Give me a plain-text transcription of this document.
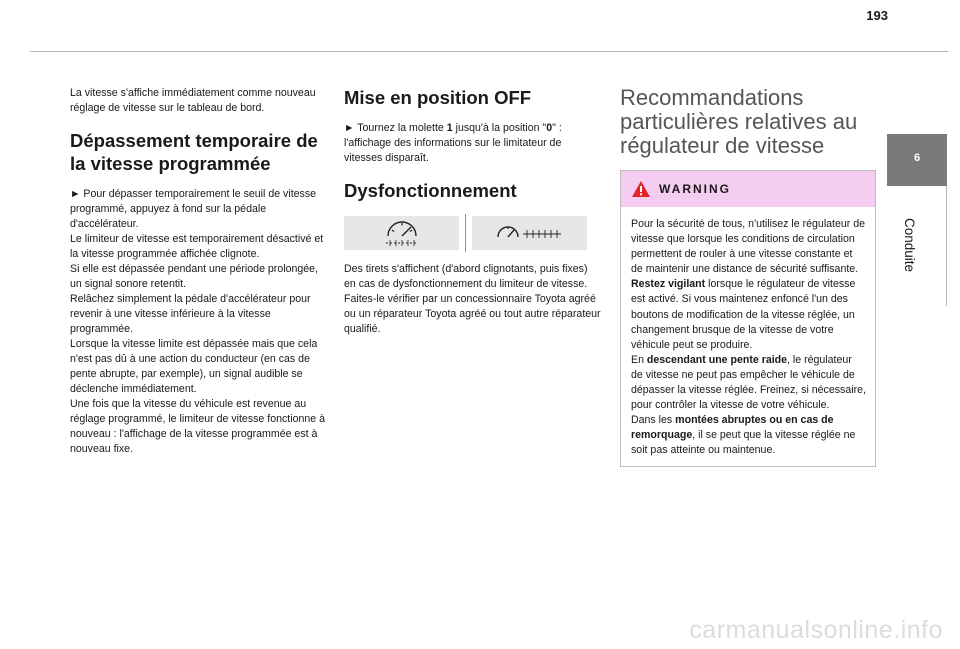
193
6
Conduite

La vitesse s'affiche immédiatement comme nouveau réglage de vitesse sur le tableau de bord.

Dépassement temporaire de la vitesse programmée

► Pour dépasser temporairement le seuil de vitesse programmé, appuyez à fond sur la pédale d'accélérateur.

Le limiteur de vitesse est temporairement désactivé et la vitesse programmée affichée clignote.

Si elle est dépassée pendant une période prolongée, un signal sonore retentit.

Relâchez simplement la pédale d'accélérateur pour revenir à une vitesse inférieure à la vitesse programmée.

Lorsque la vitesse limite est dépassée mais que cela n'est pas dû à une action du conducteur (en cas de pente abrupte, par exemple), un signal audible se déclenche immédiatement.

Une fois que la vitesse du véhicule est revenue au réglage programmé, le limiteur de vitesse fonctionne à nouveau : l'affichage de la vitesse programmée est à nouveau fixe.

Mise en position OFF

► Tournez la molette 1 jusqu'à la position "0" : l'affichage des informations sur le limitateur de vitesses disparaît.

Dysfonctionnement

Des tirets s'affichent (d'abord clignotants, puis fixes) en cas de dysfonctionnement du limiteur de vitesse.

Faites-le vérifier par un concessionnaire Toyota agréé ou un réparateur Toyota agréé ou tout autre réparateur qualifié.

Recommandations particulières relatives au régulateur de vitesse
WARNING

Pour la sécurité de tous, n'utilisez le régulateur de vitesse que lorsque les conditions de circulation permettent de rouler à une vitesse constante et de maintenir une distance de sécurité suffisante.

Restez vigilant lorsque le régulateur de vitesse est activé. Si vous maintenez enfoncé l'un des boutons de modification de la vitesse réglée, un changement brusque de la vitesse de votre véhicule peut se produire.

En descendant une pente raide, le régulateur de vitesse ne peut pas empêcher le véhicule de dépasser la vitesse réglée. Freinez, si nécessaire, pour contrôler la vitesse de votre véhicule.

Dans les montées abruptes ou en cas de remorquage, il se peut que la vitesse réglée ne soit pas atteinte ou maintenue.

carmanualsonline.info
